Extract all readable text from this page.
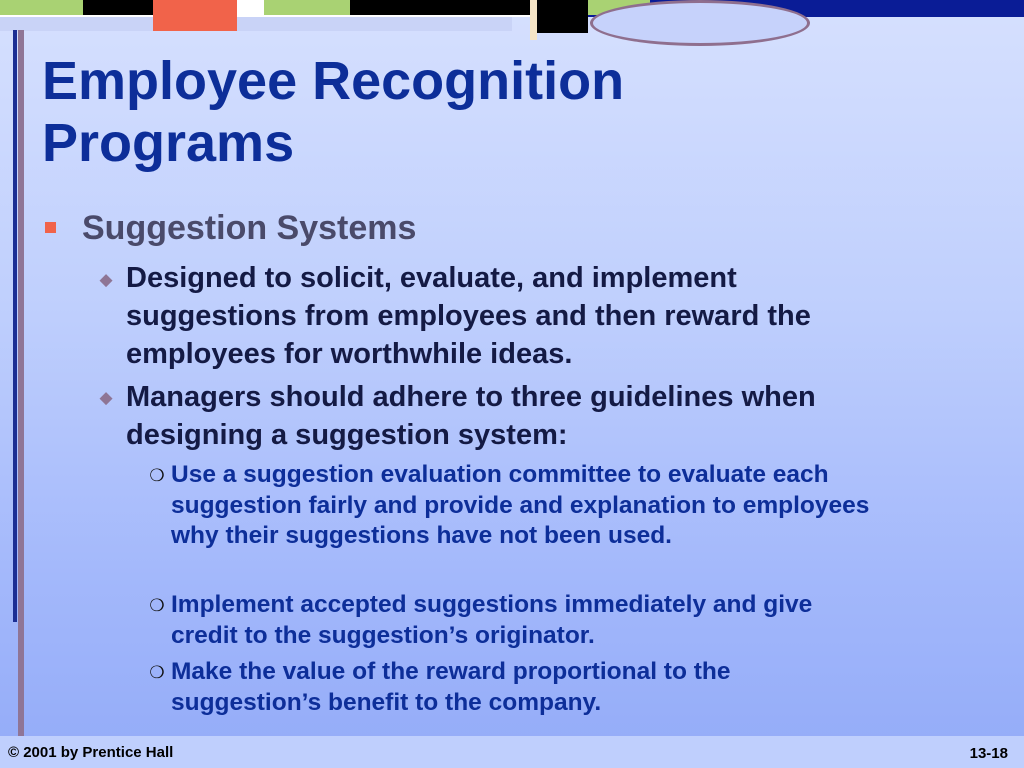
Employee Recognition Programs
Suggestion Systems
◆ Designed to solicit, evaluate, and implement suggestions from employees and then reward the employees for worthwhile ideas.
◆ Managers should adhere to three guidelines when designing a suggestion system:
❍ Use a suggestion evaluation committee to evaluate each suggestion fairly and provide and explanation to employees why their suggestions have not been used.
❍ Implement accepted suggestions immediately and give credit to the suggestion’s originator.
❍ Make the value of the reward proportional to the suggestion’s benefit to the company.
© 2001 by Prentice Hall	13-18
